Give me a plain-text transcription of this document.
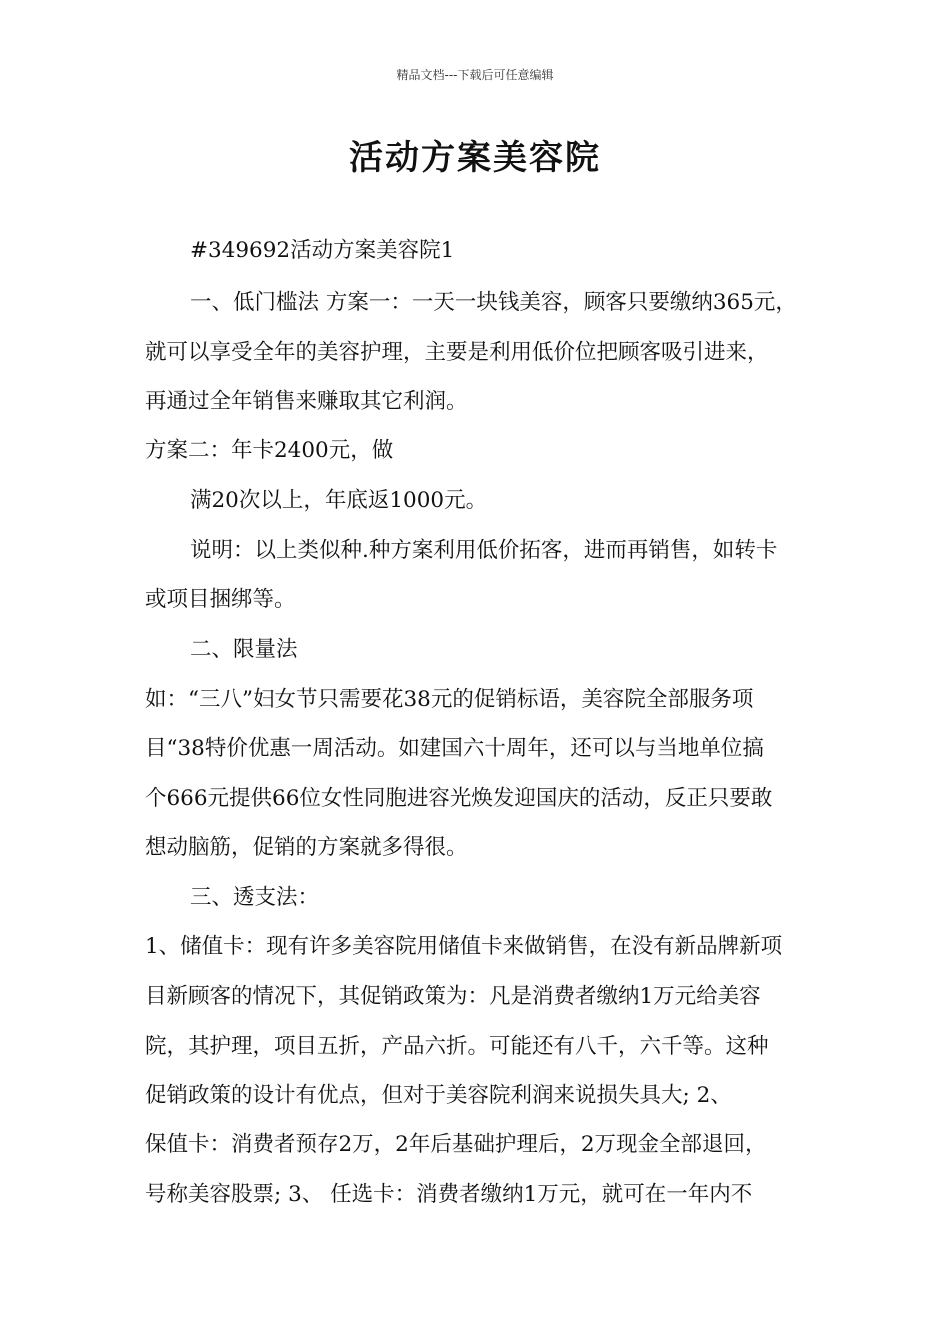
精品文档---下载后可任意编辑
活动方案美容院
#349692活动方案美容院1
一、低门槛法 方案一：一天一块钱美容，顾客只要缴纳365元，
就可以享受全年的美容护理，主要是利用低价位把顾客吸引进来，
再通过全年销售来赚取其它利润。
方案二：年卡2400元，做
满20次以上，年底返1000元。
说明：以上类似种.种方案利用低价拓客，进而再销售，如转卡
或项目捆绑等。
二、限量法
如：“三八”妇女节只需要花38元的促销标语，美容院全部服务项
目“38特价优惠一周活动。如建国六十周年，还可以与当地单位搞
个666元提供66位女性同胞进容光焕发迎国庆的活动，反正只要敢
想动脑筋，促销的方案就多得很。
三、透支法：
1、储值卡：现有许多美容院用储值卡来做销售，在没有新品牌新项
目新顾客的情况下，其促销政策为：凡是消费者缴纳1万元给美容
院，其护理，项目五折，产品六折。可能还有八千，六千等。这种
促销政策的设计有优点，但对于美容院利润来说损失具大; 2、
保值卡：消费者预存2万，2年后基础护理后，2万现金全部退回，
号称美容股票; 3、 任选卡：消费者缴纳1万元，就可在一年内不
